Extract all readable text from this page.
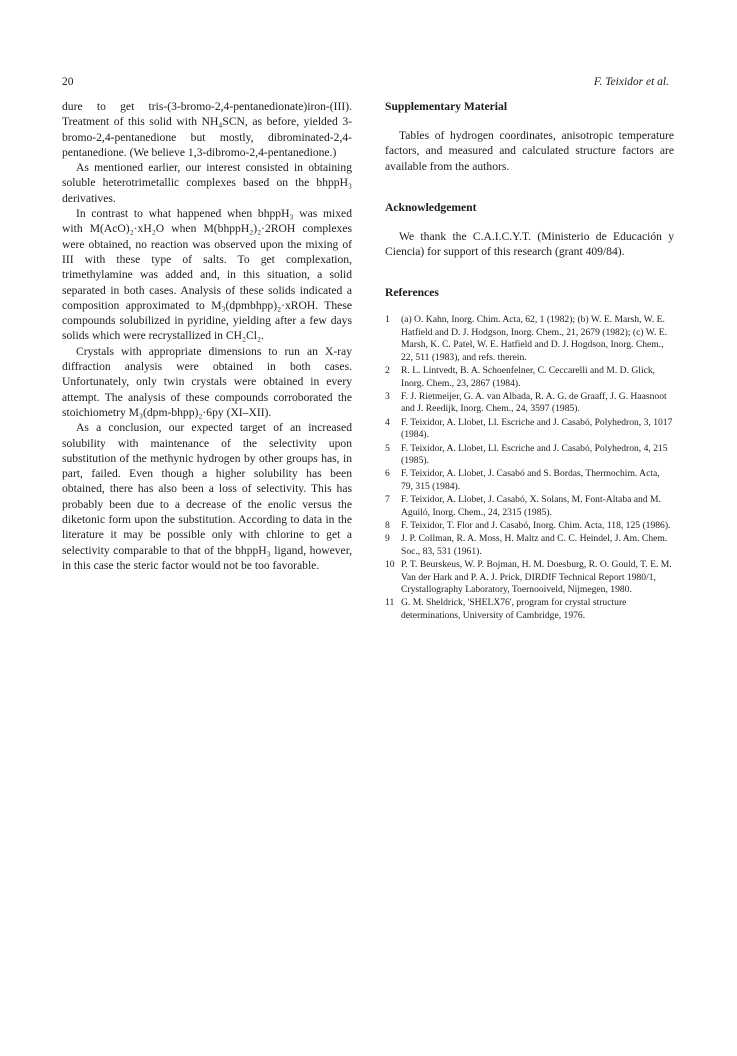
20	F. Teixidor et al.

dure to get tris-(3-bromo-2,4-pentanedionate)iron-(III). Treatment of this solid with NH₄SCN, as before, yielded 3-bromo-2,4-pentanedione but mostly, dibrominated-2,4-pentanedione. (We believe 1,3-dibromo-2,4-pentanedione.)

As mentioned earlier, our interest consisted in obtaining soluble heterotrimetallic complexes based on the bhppH₃ derivatives.

In contrast to what happened when bhppH₃ was mixed with M(AcO)₂·xH₂O when M(bhppH₂)₂·2ROH complexes were obtained, no reaction was observed upon the mixing of III with these type of salts. To get complexation, trimethylamine was added and, in this situation, a solid separated in both cases. Analysis of these solids indicated a composition approximated to M₃(dpmbhpp)₂·xROH. These compounds solubilized in pyridine, yielding after a few days solids which were recrystallized in CH₂Cl₂.

Crystals with appropriate dimensions to run an X-ray diffraction analysis were obtained in both cases. Unfortunately, only twin crystals were obtained in every attempt. The analysis of these compounds corroborated the stoichiometry M₃(dpm-bhpp)₂·6py (XI–XII).

As a conclusion, our expected target of an increased solubility with maintenance of the selectivity upon substitution of the methynic hydrogen by other groups has, in part, failed. Even though a higher solubility has been obtained, there has also been a loss of selectivity. This has probably been due to a decrease of the enolic versus the diketonic form upon the substitution. According to data in the literature it may be possible only with chlorine to get a selectivity comparable to that of the bhppH₃ ligand, however, in this case the steric factor would not be too favorable.

Supplementary Material

Tables of hydrogen coordinates, anisotropic temperature factors, and measured and calculated structure factors are available from the authors.

Acknowledgement

We thank the C.A.I.C.Y.T. (Ministerio de Educación y Ciencia) for support of this research (grant 409/84).

References
1	(a) O. Kahn, Inorg. Chim. Acta, 62, 1 (1982); (b) W. E. Marsh, W. E. Hatfield and D. J. Hodgson, Inorg. Chem., 21, 2679 (1982); (c) W. E. Marsh, K. C. Patel, W. E. Hatfield and D. J. Hogdson, Inorg. Chem., 22, 511 (1983), and refs. therein.
2	R. L. Lintvedt, B. A. Schoenfelner, C. Ceccarelli and M. D. Glick, Inorg. Chem., 23, 2867 (1984).
3	F. J. Rietmeijer, G. A. van Albada, R. A. G. de Graaff, J. G. Haasnoot and J. Reedijk, Inorg. Chem., 24, 3597 (1985).
4	F. Teixidor, A. Llobet, Ll. Escriche and J. Casabó, Polyhedron, 3, 1017 (1984).
5	F. Teixidor, A. Llobet, Ll. Escriche and J. Casabó, Polyhedron, 4, 215 (1985).
6	F. Teixidor, A. Llobet, J. Casabó and S. Bordas, Thermochim. Acta, 79, 315 (1984).
7	F. Teixidor, A. Llobet, J. Casabó, X. Solans, M. Font-Altaba and M. Aguiló, Inorg. Chem., 24, 2315 (1985).
8	F. Teixidor, T. Flor and J. Casabó, Inorg. Chim. Acta, 118, 125 (1986).
9	J. P. Collman, R. A. Moss, H. Maltz and C. C. Heindel, J. Am. Chem. Soc., 83, 531 (1961).
10 P. T. Beurskeus, W. P. Bojman, H. M. Doesburg, R. O. Gould, T. E. M. Van der Hark and P. A. J. Prick, DIRDIF Technical Report 1980/1, Crystallography Laboratory, Toernooiveld, Nijmegen, 1980.
11 G. M. Sheldrick, 'SHELX76', program for crystal structure determinations, University of Cambridge, 1976.
